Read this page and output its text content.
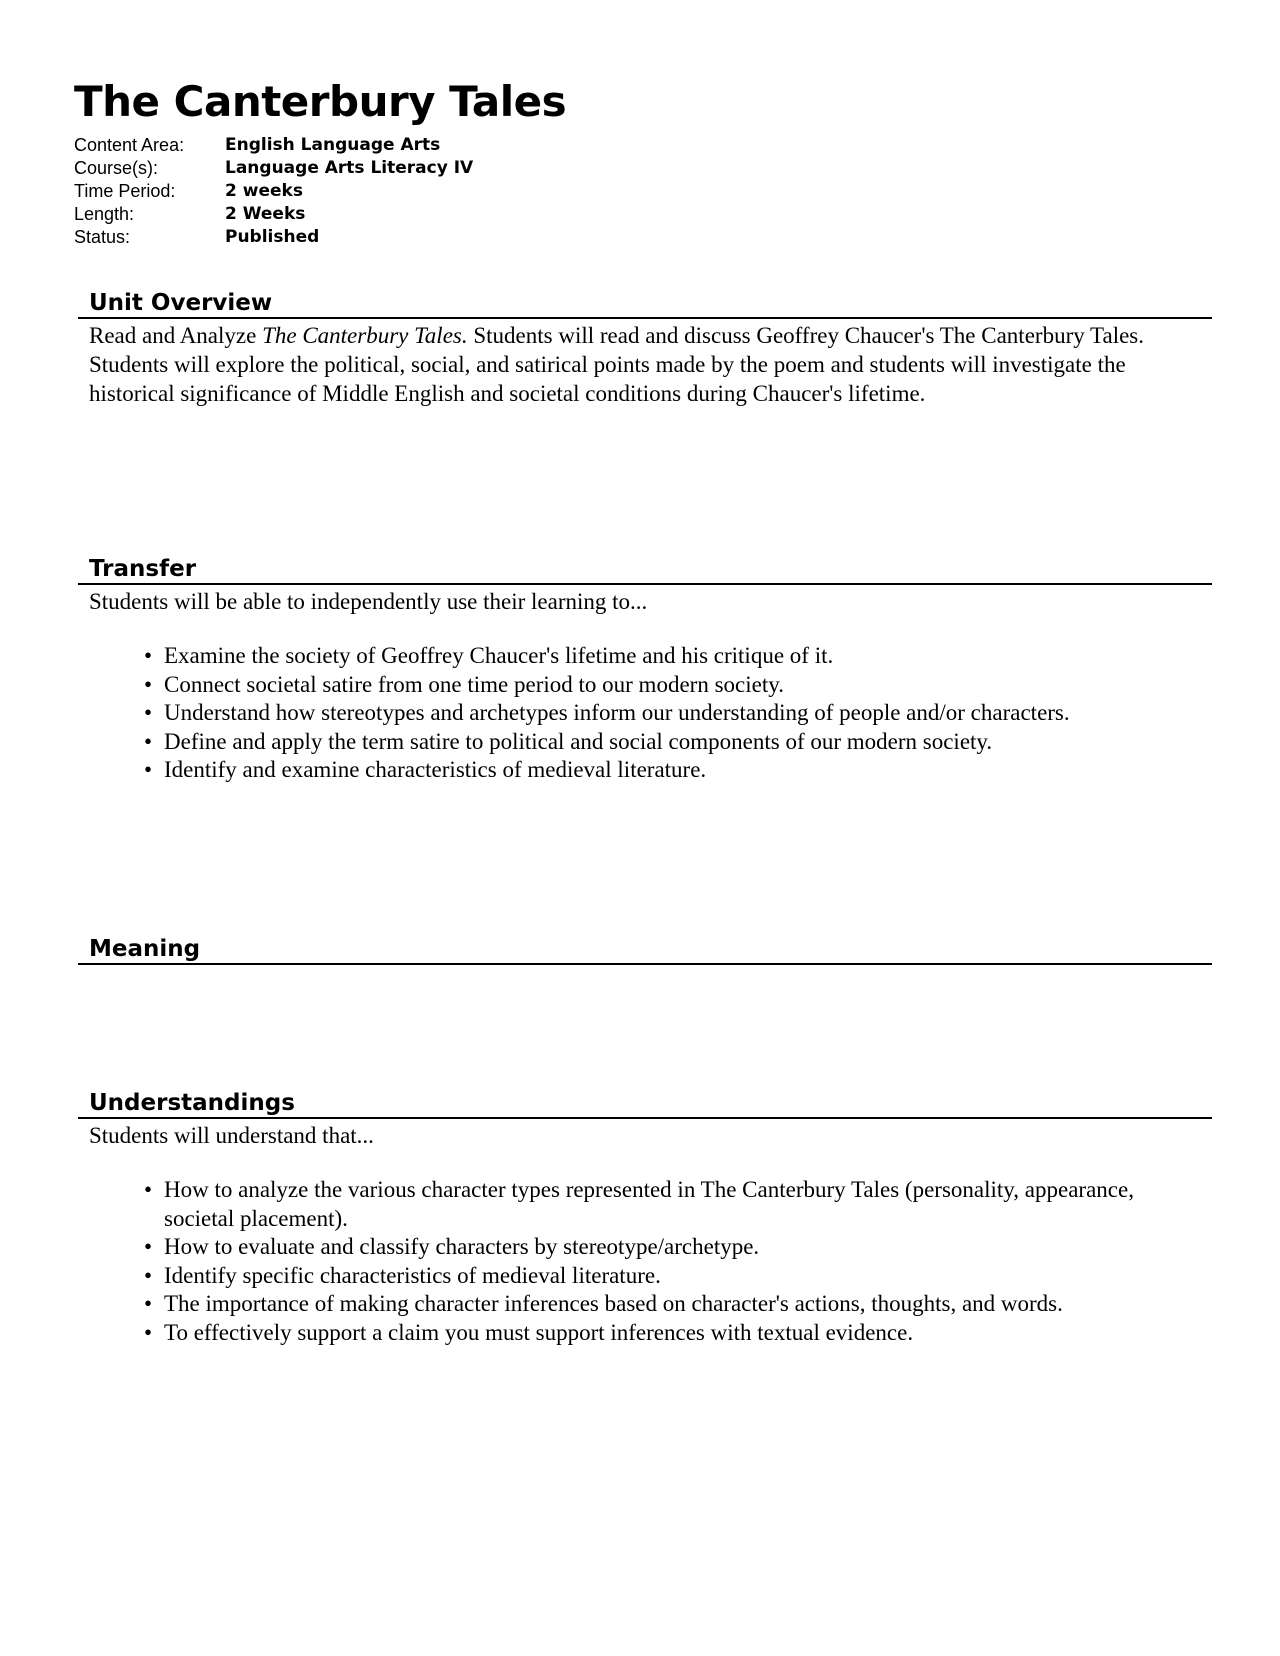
The Canterbury Tales
Content Area:	English Language Arts
Course(s):	Language Arts Literacy IV
Time Period:	2 weeks
Length:	2 Weeks
Status:	Published
Unit Overview

Read and Analyze The Canterbury Tales. Students will read and discuss Geoffrey Chaucer's The Canterbury Tales. Students will explore the political, social, and satirical points made by the poem and students will investigate the historical significance of Middle English and societal conditions during Chaucer's lifetime.

Transfer

Students will be able to independently use their learning to...

• Examine the society of Geoffrey Chaucer's lifetime and his critique of it.
• Connect societal satire from one time period to our modern society.
• Understand how stereotypes and archetypes inform our understanding of people and/or characters.
• Define and apply the term satire to political and social components of our modern society.
• Identify and examine characteristics of medieval literature.
Meaning
Understandings

Students will understand that...

• How to analyze the various character types represented in The Canterbury Tales (personality, appearance, societal placement).
• How to evaluate and classify characters by stereotype/archetype.
• Identify specific characteristics of medieval literature.
• The importance of making character inferences based on character's actions, thoughts, and words.
• To effectively support a claim you must support inferences with textual evidence.
